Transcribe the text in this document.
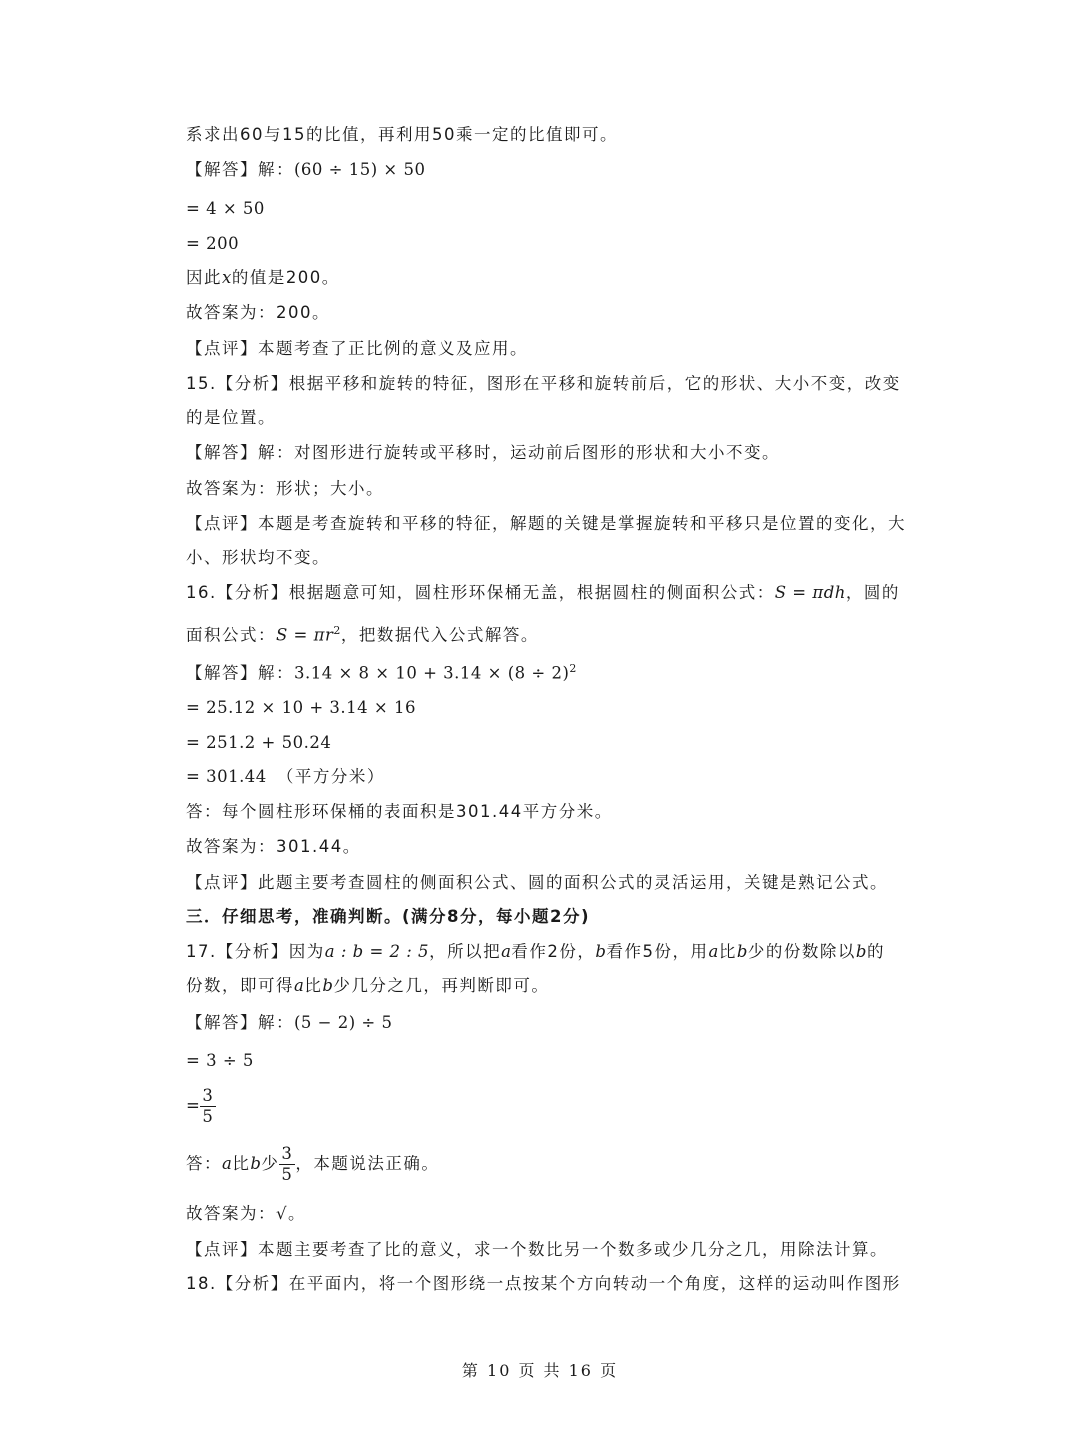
系求出60与15的比值，再利用50乘一定的比值即可。
【解答】解：(60 ÷ 15) × 50
= 4 × 50
= 200
因此x的值是200。
故答案为：200。
【点评】本题考查了正比例的意义及应用。
15.【分析】根据平移和旋转的特征，图形在平移和旋转前后，它的形状、大小不变，改变
的是位置。
【解答】解：对图形进行旋转或平移时，运动前后图形的形状和大小不变。
故答案为：形状；大小。
【点评】本题是考查旋转和平移的特征，解题的关键是掌握旋转和平移只是位置的变化，大
小、形状均不变。
16.【分析】根据题意可知，圆柱形环保桶无盖，根据圆柱的侧面积公式：S = πdh，圆的
面积公式：$S = \pi r^2$，把数据代入公式解答。
【解答】解：$3.14 \times 8 \times 10 + 3.14 \times (8 \div 2)^2$
= 25.12 × 10 + 3.14 × 16
= 251.2 + 50.24
= 301.44 （平方分米）
答：每个圆柱形环保桶的表面积是301.44平方分米。
故答案为：301.44。
【点评】此题主要考查圆柱的侧面积公式、圆的面积公式的灵活运用，关键是熟记公式。
三．仔细思考，准确判断。(满分8分，每小题2分)
17.【分析】因为a : b = 2 : 5，所以把a看作2份，b看作5份，用a比b少的份数除以b的
份数，即可得a比b少几分之几，再判断即可。
【解答】解：(5 − 2) ÷ 5
= 3 ÷ 5
= $\frac{3}{5}$
答：a比b少 $\frac{3}{5}$ ，本题说法正确。
故答案为：√。
【点评】本题主要考查了比的意义，求一个数比另一个数多或少几分之几，用除法计算。
18.【分析】在平面内，将一个图形绕一点按某个方向转动一个角度，这样的运动叫作图形
第 10 页 共 16 页
